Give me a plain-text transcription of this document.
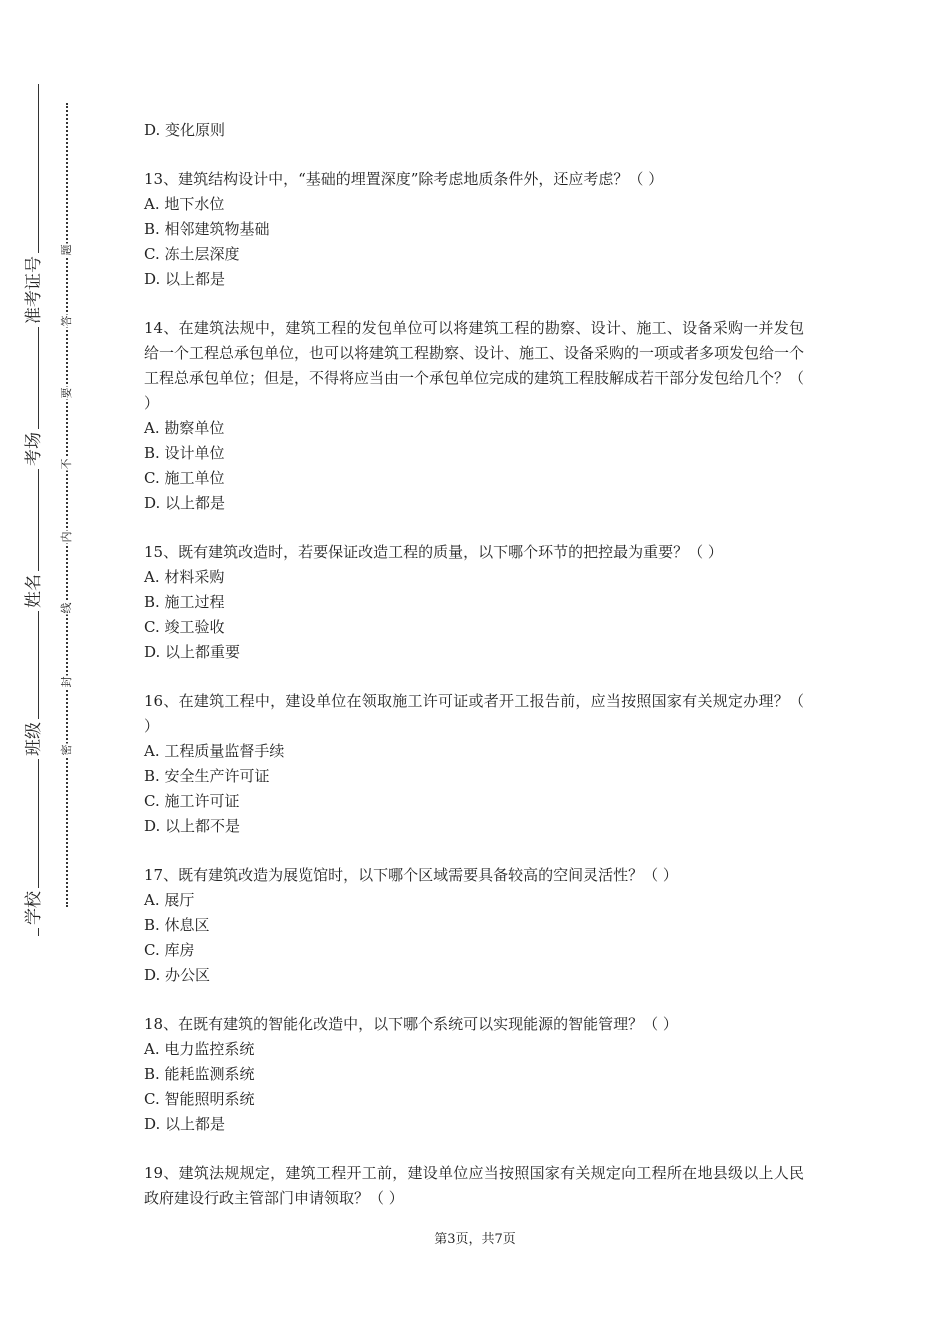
学校
班级
姓名
考场
准考证号
密
封
线
内
不
要
答
题

D. 变化原则

13、建筑结构设计中，“基础的埋置深度”除考虑地质条件外，还应考虑？（ ）

A. 地下水位

B. 相邻建筑物基础

C. 冻土层深度

D. 以上都是

14、在建筑法规中，建筑工程的发包单位可以将建筑工程的勘察、设计、施工、设备采购一并发包给一个工程总承包单位，也可以将建筑工程勘察、设计、施工、设备采购的一项或者多项发包给一个工程总承包单位；但是，不得将应当由一个承包单位完成的建筑工程肢解成若干部分发包给几个？（ ）

A. 勘察单位

B. 设计单位

C. 施工单位

D. 以上都是

15、既有建筑改造时，若要保证改造工程的质量，以下哪个环节的把控最为重要？（ ）

A. 材料采购

B. 施工过程

C. 竣工验收

D. 以上都重要

16、在建筑工程中，建设单位在领取施工许可证或者开工报告前，应当按照国家有关规定办理？（ ）

A. 工程质量监督手续

B. 安全生产许可证

C. 施工许可证

D. 以上都不是

17、既有建筑改造为展览馆时，以下哪个区域需要具备较高的空间灵活性？（ ）

A. 展厅

B. 休息区

C. 库房

D. 办公区

18、在既有建筑的智能化改造中，以下哪个系统可以实现能源的智能管理？（ ）

A. 电力监控系统

B. 能耗监测系统

C. 智能照明系统

D. 以上都是

19、建筑法规规定，建筑工程开工前，建设单位应当按照国家有关规定向工程所在地县级以上人民政府建设行政主管部门申请领取？（ ）

第3页，共7页
